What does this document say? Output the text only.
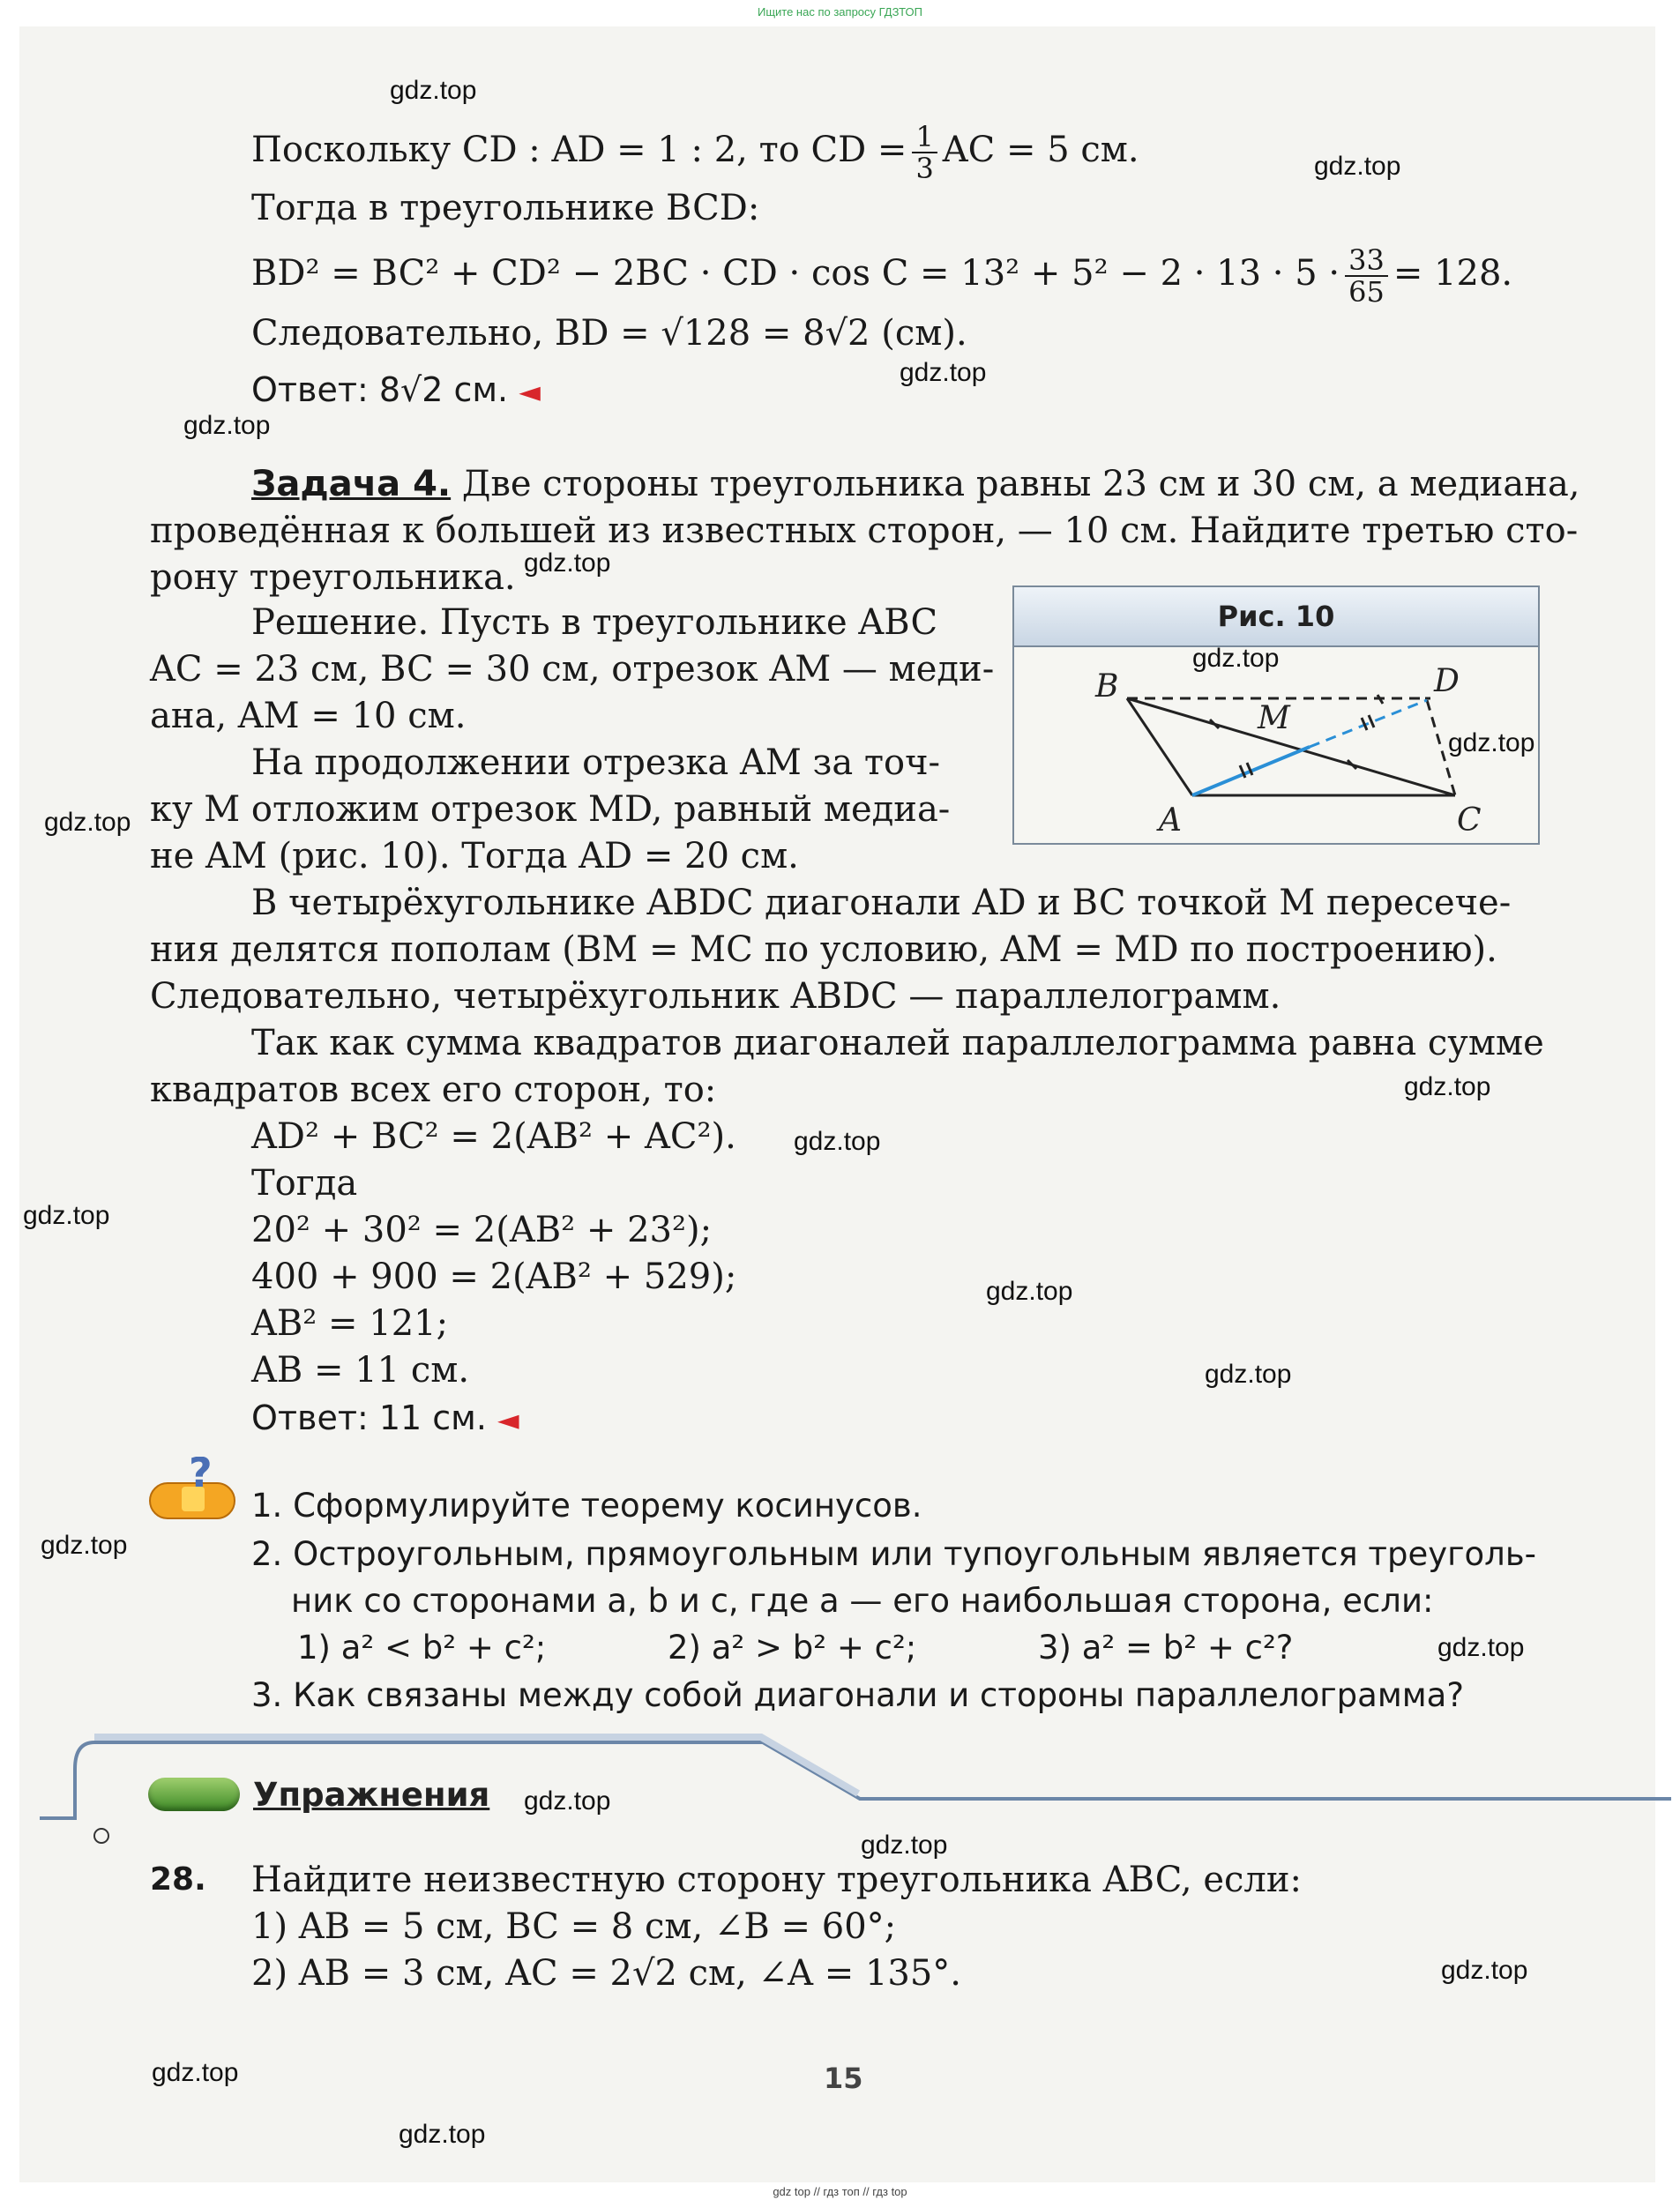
Ищите нас по запросу ГДЗТОП
Поскольку CD : AD = 1 : 2, то CD = $\frac{1}{3}$ AC = 5 см.
Тогда в треугольнике BCD:
BD² = BC² + CD² − 2BC · CD · $\cos C = 13^2 + 5^2 - 2 \cdot 13 \cdot 5 \cdot \frac{33}{65} = 128$.
Следовательно, BD = √128 = 8√2 (см).
Ответ: 8√2 см. ◄
Задача 4. Две стороны треугольника равны 23 см и 30 см, а медиана,
проведённая к большей из известных сторон, — 10 см. Найдите третью сто-
рону треугольника.
Решение. Пусть в треугольнике ABC
AC = 23 см, BC = 30 см, отрезок AM — меди-
ана, AM = 10 см.
На продолжении отрезка AM за точ-
ку M отложим отрезок MD, равный медиа-
не AM (рис. 10). Тогда AD = 20 см.
В четырёхугольнике ABDC диагонали AD и BC точкой M пересече-
ния делятся пополам (BM = MC по условию, AM = MD по построению).
Следовательно, четырёхугольник ABDC — параллелограмм.
Так как сумма квадратов диагоналей параллелограмма равна сумме
квадратов всех его сторон, то:
AD² + BC² = 2(AB² + AC²).
Тогда
20² + 30² = 2(AB² + 23²);
400 + 900 = 2(AB² + 529);
AB² = 121;
AB = 11 см.
Ответ: 11 см. ◄
Рис. 10
B	D
M
A	C
?
1. Сформулируйте теорему косинусов.
2. Остроугольным, прямоугольным или тупоугольным является треуголь-
ник со сторонами a, b и c, где a — его наибольшая сторона, если:
1) a² < b² + c²;	2) a² > b² + c²;	3) a² = b² + c²?
3. Как связаны между собой диагонали и стороны параллелограмма?
Упражнения
28. Найдите неизвестную сторону треугольника ABC, если:
1) AB = 5 см, BC = 8 см, ∠B = 60°;
2) AB = 3 см, AC = 2√2 см, ∠A = 135°.
15
gdz.top
gdz.top
gdz.top
gdz.top
gdz.top
gdz.top
gdz.top
gdz.top
gdz.top
gdz.top
gdz.top
gdz.top
gdz.top
gdz.top
gdz.top
gdz.top
gdz.top
gdz.top
gdz.top
gdz.top
gdz top // гдз топ // гдз top
